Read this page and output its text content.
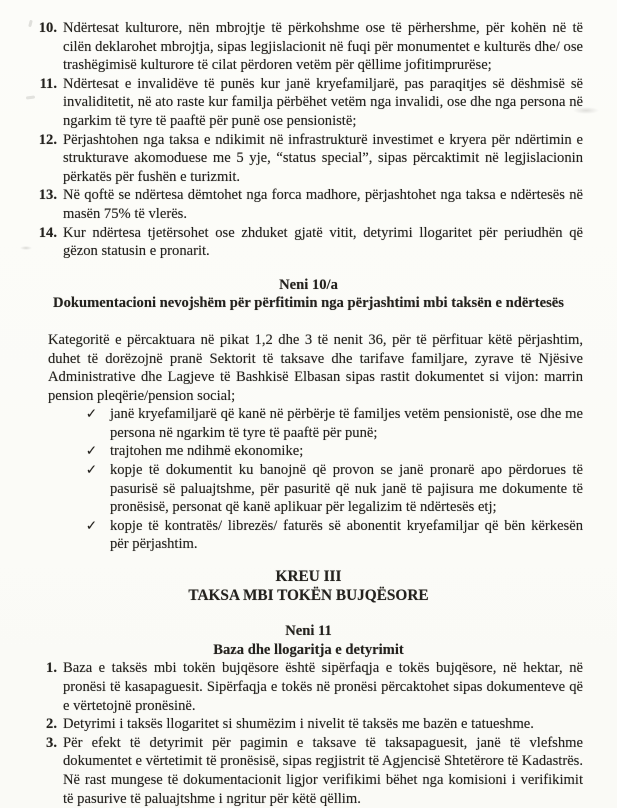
10. Ndërtesat kulturore, nën mbrojtje të përkohshme ose të përhershme, për kohën në të cilën deklarohet mbrojtja, sipas legjislacionit në fuqi për monumentet e kulturës dhe/ ose trashëgimisë kulturore të cilat përdoren vetëm për qëllime jofitimprurëse;
11. Ndërtesat e invalidëve të punës kur janë kryefamiljarë, pas paraqitjes së dëshmisë së invaliditetit, në ato raste kur familja përbëhet vetëm nga invalidi, ose dhe nga persona në ngarkim të tyre të paaftë për punë ose pensionistë;
12. Përjashtohen nga taksa e ndikimit në infrastrukturë investimet e kryera për ndërtimin e strukturave akomoduese me 5 yje, “status special”, sipas përcaktimit në legjislacionin përkatës për fushën e turizmit.
13. Në qoftë se ndërtesa dëmtohet nga forca madhore, përjashtohet nga taksa e ndërtesës në masën 75% të vlerës.
14. Kur ndërtesa tjetërsohet ose zhduket gjatë vitit, detyrimi llogaritet për periudhën që gëzon statusin e pronarit.
Neni 10/a
Dokumentacioni nevojshëm për përfitimin nga përjashtimi mbi taksën e ndërtesës

Kategoritë e përcaktuara në pikat 1,2 dhe 3 të nenit 36, për të përfituar këtë përjashtim, duhet të dorëzojnë pranë Sektorit të taksave dhe tarifave familjare, zyrave të Njësive Administrative dhe Lagjeve të Bashkisë Elbasan sipas rastit dokumentet si vijon: marrin pension pleqërie/pension social;

✓ janë kryefamiljarë që kanë në përbërje të familjes vetëm pensionistë, ose dhe me persona në ngarkim të tyre të paaftë për punë;
✓ trajtohen me ndihmë ekonomike;
✓ kopje të dokumentit ku banojnë që provon se janë pronarë apo përdorues të pasurisë së paluajtshme, për pasuritë që nuk janë të pajisura me dokumente të pronësisë, personat që kanë aplikuar për legalizim të ndërtesës etj;
✓ kopje të kontratës/ librezës/ faturës së abonentit kryefamiljar që bën kërkesën për përjashtim.
KREU III
TAKSA MBI TOKËN BUJQËSORE
Neni 11
Baza dhe llogaritja e detyrimit
1. Baza e taksës mbi tokën bujqësore është sipërfaqja e tokës bujqësore, në hektar, në pronësi të kasapaguesit. Sipërfaqja e tokës në pronësi përcaktohet sipas dokumenteve që e vërtetojnë pronësinë.
2. Detyrimi i taksës llogaritet si shumëzim i nivelit të taksës me bazën e tatueshme.
3. Për efekt të detyrimit për pagimin e taksave të taksapaguesit, janë të vlefshme dokumentet e vërtetimit të pronësisë, sipas regjistrit të Agjencisë Shtetërore të Kadastrës. Në rast mungese të dokumentacionit ligjor verifikimi bëhet nga komisioni i verifikimit të pasurive të paluajtshme i ngritur për këtë qëllim.
